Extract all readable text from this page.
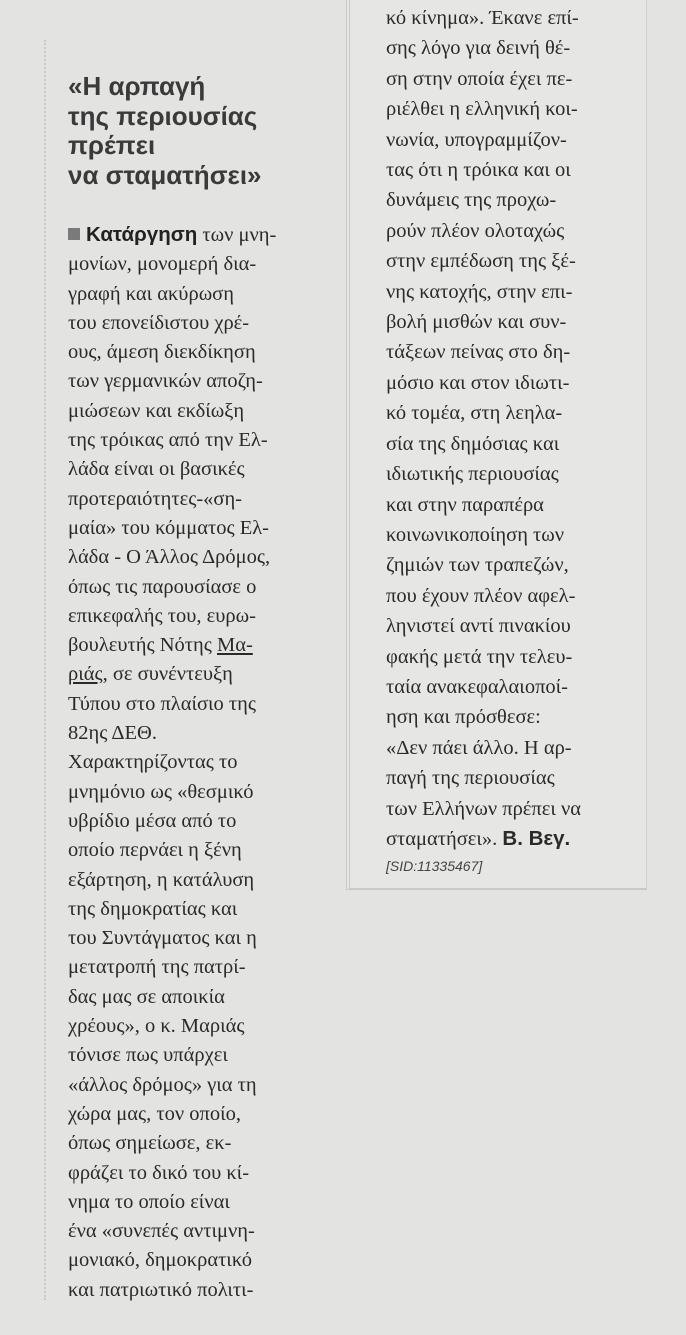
«Η αρπαγή
της περιουσίας
πρέπει
να σταματήσει»
Κατάργηση των μνη-
μονίων, μονομερή δια-
γραφή και ακύρωση
του επονείδιστου χρέ-
ους, άμεση διεκδίκηση
των γερμανικών αποζη-
μιώσεων και εκδίωξη
της τρόικας από την Ελ-
λάδα είναι οι βασικές
προτεραιότητες-«ση-
μαία» του κόμματος Ελ-
λάδα - Ο Άλλος Δρόμος,
όπως τις παρουσίασε ο
επικεφαλής του, ευρω-
βουλευτής Νότης Μα-
ριάς, σε συνέντευξη
Τύπου στο πλαίσιο της
82ης ΔΕΘ.
Χαρακτηρίζοντας το
μνημόνιο ως «θεσμικό
υβρίδιο μέσα από το
οποίο περνάει η ξένη
εξάρτηση, η κατάλυση
της δημοκρατίας και
του Συντάγματος και η
μετατροπή της πατρί-
δας μας σε αποικία
χρέους», ο κ. Μαριάς
τόνισε πως υπάρχει
«άλλος δρόμος» για τη
χώρα μας, τον οποίο,
όπως σημείωσε, εκ-
φράζει το δικό του κί-
νημα το οποίο είναι
ένα «συνεπές αντιμνη-
μονιακό, δημοκρατικό
και πατριωτικό πολιτι-
κό κίνημα». Έκανε επί-
σης λόγο για δεινή θέ-
ση στην οποία έχει πε-
ριέλθει η ελληνική κοι-
νωνία, υπογραμμίζον-
τας ότι η τρόικα και οι
δυνάμεις της προχω-
ρούν πλέον ολοταχώς
στην εμπέδωση της ξέ-
νης κατοχής, στην επι-
βολή μισθών και συν-
τάξεων πείνας στο δη-
μόσιο και στον ιδιωτι-
κό τομέα, στη λεηλα-
σία της δημόσιας και
ιδιωτικής περιουσίας
και στην παραπέρα
κοινωνικοποίηση των
ζημιών των τραπεζών,
που έχουν πλέον αφελ-
ληνιστεί αντί πινακίου
φακής μετά την τελευ-
ταία ανακεφαλαιοποί-
ηση και πρόσθεσε:
«Δεν πάει άλλο. Η αρ-
παγή της περιουσίας
των Ελλήνων πρέπει να
σταματήσει». Β. Βεγ.
[SID:11335467]
